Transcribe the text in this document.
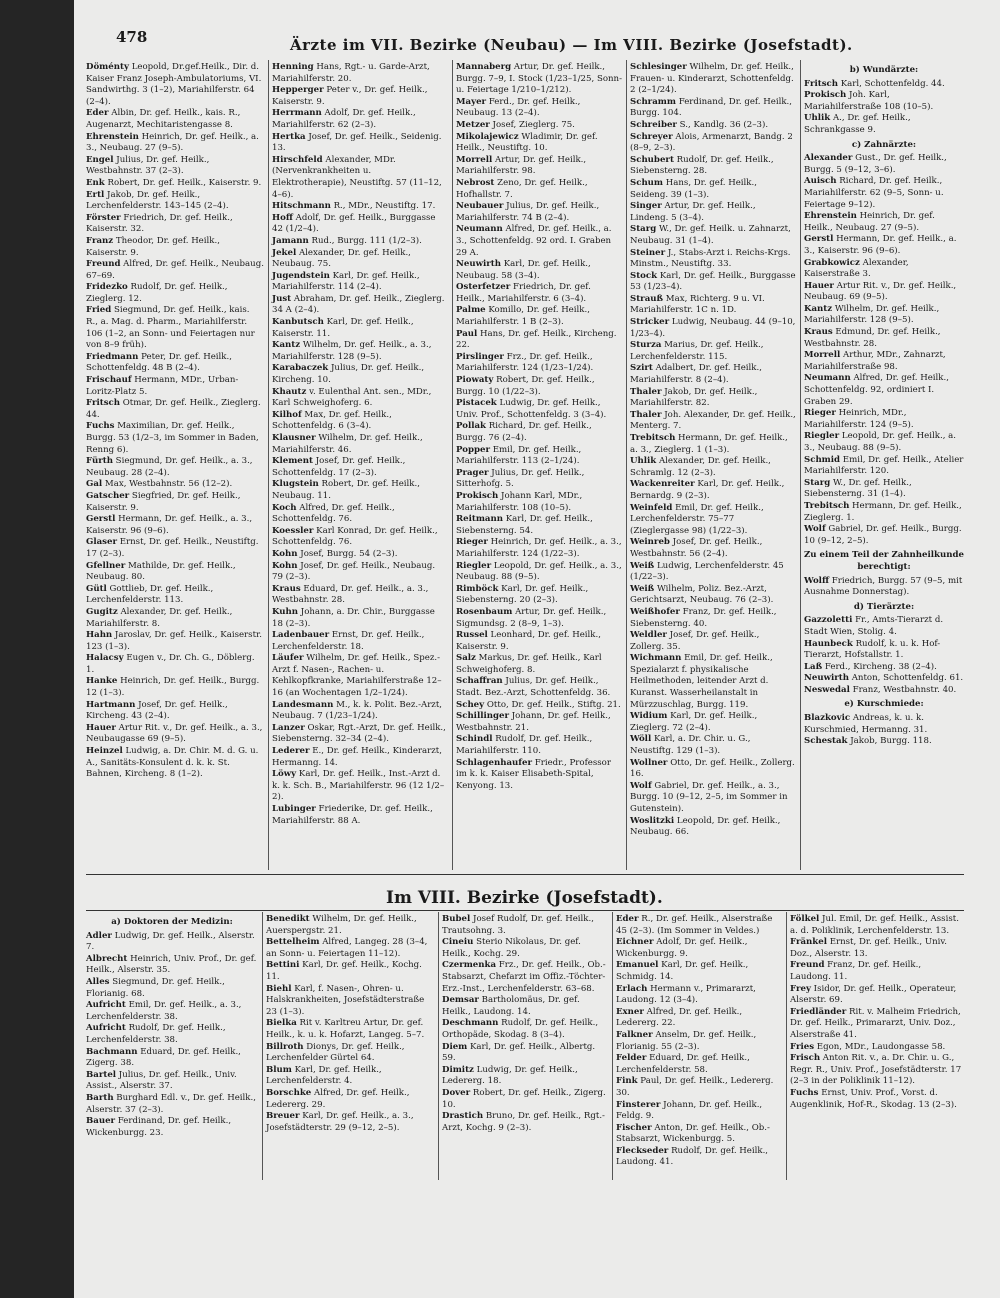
478	Ärzte im VII. Bezirke (Neubau) — Im VIII. Bezirke (Josefstadt).

Döménty Leopold, Dr.gef.Heilk., Dir. d. Kaiser Franz Joseph-Ambulatoriums, VI. Sandwirthg. 3 (1–2), Mariahilferstr. 64 (2–4).

Eder Albin, Dr. gef. Heilk., kais. R., Augenarzt, Mechitaristengasse 8.

Ehrenstein Heinrich, Dr. gef. Heilk., a. 3., Neubaug. 27 (9–5).

Engel Julius, Dr. gef. Heilk., Westbahnstr. 37 (2–3).

Enk Robert, Dr. gef. Heilk., Kaiserstr. 9.

Ertl Jakob, Dr. gef. Heilk., Lerchenfelderstr. 143–145 (2–4).

Förster Friedrich, Dr. gef. Heilk., Kaiserstr. 32.

Franz Theodor, Dr. gef. Heilk., Kaiserstr. 9.

Freund Alfred, Dr. gef. Heilk., Neubaug. 67–69.

Fridezko Rudolf, Dr. gef. Heilk., Zieglerg. 12.

Fried Siegmund, Dr. gef. Heilk., kais. R., a. Mag. d. Pharm., Mariahilferstr. 106 (1–2, an Sonn- und Feiertagen nur von 8–9 früh).

Friedmann Peter, Dr. gef. Heilk., Schottenfeldg. 48 B (2–4).

Frischauf Hermann, MDr., Urban-Loritz-Platz 5.

Fritsch Otmar, Dr. gef. Heilk., Zieglerg. 44.

Fuchs Maximilian, Dr. gef. Heilk., Burgg. 53 (1/2–3, im Sommer in Baden, Renng 6).

Fürth Siegmund, Dr. gef. Heilk., a. 3., Neubaug. 28 (2–4).

Gal Max, Westbahnstr. 56 (12–2).

Gatscher Siegfried, Dr. gef. Heilk., Kaiserstr. 9.

Gerstl Hermann, Dr. gef. Heilk., a. 3., Kaiserstr. 96 (9–6).

Glaser Ernst, Dr. gef. Heilk., Neustiftg. 17 (2–3).

Gfellner Mathilde, Dr. gef. Heilk., Neubaug. 80.

Gütl Gottlieb, Dr. gef. Heilk., Lerchenfelderstr. 113.

Gugitz Alexander, Dr. gef. Heilk., Mariahilferstr. 8.

Hahn Jaroslav, Dr. gef. Heilk., Kaiserstr. 123 (1–3).

Halacsy Eugen v., Dr. Ch. G., Döblerg. 1.

Hanke Heinrich, Dr. gef. Heilk., Burgg. 12 (1–3).

Hartmann Josef, Dr. gef. Heilk., Kircheng. 43 (2–4).

Hauer Artur Rit. v., Dr. gef. Heilk., a. 3., Neubaugasse 69 (9–5).

Heinzel Ludwig, a. Dr. Chir. M. d. G. u. A., Sanitäts-Konsulent d. k. k. St. Bahnen, Kircheng. 8 (1–2).

Henning Hans, Rgt.- u. Garde-Arzt, Mariahilferstr. 20.

Hepperger Peter v., Dr. gef. Heilk., Kaiserstr. 9.

Herrmann Adolf, Dr. gef. Heilk., Mariahilferstr. 62 (2–3).

Hertka Josef, Dr. gef. Heilk., Seidenig. 13.

Hirschfeld Alexander, MDr. (Nervenkrankheiten u. Elektrotherapie), Neustiftg. 57 (11–12, 4–6).

Hitschmann R., MDr., Neustiftg. 17.

Hoff Adolf, Dr. gef. Heilk., Burggasse 42 (1/2–4).

Jamann Rud., Burgg. 111 (1/2–3).

Jekel Alexander, Dr. gef. Heilk., Neubaug. 75.

Jugendstein Karl, Dr. gef. Heilk., Mariahilferstr. 114 (2–4).

Just Abraham, Dr. gef. Heilk., Zieglerg. 34 A (2–4).

Kanbutsch Karl, Dr. gef. Heilk., Kaiserstr. 11.

Kantz Wilhelm, Dr. gef. Heilk., a. 3., Mariahilferstr. 128 (9–5).

Karabaczek Julius, Dr. gef. Heilk., Kircheng. 10.

Khautz v. Eulenthal Ant. sen., MDr., Karl Schweighoferg. 6.

Kilhof Max, Dr. gef. Heilk., Schottenfeldg. 6 (3–4).

Klausner Wilhelm, Dr. gef. Heilk., Mariahilferstr. 46.

Klement Josef, Dr. gef. Heilk., Schottenfeldg. 17 (2–3).

Klugstein Robert, Dr. gef. Heilk., Neubaug. 11.

Koch Alfred, Dr. gef. Heilk., Schottenfeldg. 76.

Koessler Karl Konrad, Dr. gef. Heilk., Schottenfeldg. 76.

Kohn Josef, Burgg. 54 (2–3).

Kohn Josef, Dr. gef. Heilk., Neubaug. 79 (2–3).

Kraus Eduard, Dr. gef. Heilk., a. 3., Westbahnstr. 28.

Kuhn Johann, a. Dr. Chir., Burggasse 18 (2–3).

Ladenbauer Ernst, Dr. gef. Heilk., Lerchenfelderstr. 18.

Läufer Wilhelm, Dr. gef. Heilk., Spez.-Arzt f. Nasen-, Rachen- u. Kehlkopfkranke, Mariahilferstraße 12–16 (an Wochentagen 1/2–1/24).

Landesmann M., k. k. Polit. Bez.-Arzt, Neubaug. 7 (1/23–1/24).

Lanzer Oskar, Rgt.-Arzt, Dr. gef. Heilk., Siebensterng. 32–34 (2–4).

Lederer E., Dr. gef. Heilk., Kinderarzt, Hermanng. 14.

Löwy Karl, Dr. gef. Heilk., Inst.-Arzt d. k. k. Sch. B., Mariahilferstr. 96 (12 1/2–2).

Lubinger Friederike, Dr. gef. Heilk., Mariahilferstr. 88 A.

Mannaberg Artur, Dr. gef. Heilk., Burgg. 7–9, I. Stock (1/23–1/25, Sonn- u. Feiertage 1/210–1/212).

Mayer Ferd., Dr. gef. Heilk., Neubaug. 13 (2–4).

Metzer Josef, Zieglerg. 75.

Mikolajewicz Wladimir, Dr. gef. Heilk., Neustiftg. 10.

Morrell Artur, Dr. gef. Heilk., Mariahilferstr. 98.

Nebrost Zeno, Dr. gef. Heilk., Hofhallstr. 7.

Neubauer Julius, Dr. gef. Heilk., Mariahilferstr. 74 B (2–4).

Neumann Alfred, Dr. gef. Heilk., a. 3., Schottenfeldg. 92 ord. I. Graben 29 A.

Neuwirth Karl, Dr. gef. Heilk., Neubaug. 58 (3–4).

Osterfetzer Friedrich, Dr. gef. Heilk., Mariahilferstr. 6 (3–4).

Palme Komillo, Dr. gef. Heilk., Mariahilferstr. 1 B (2–3).

Paul Hans, Dr. gef. Heilk., Kircheng. 22.

Pirslinger Frz., Dr. gef. Heilk., Mariahilferstr. 124 (1/23–1/24).

Piowaty Robert, Dr. gef. Heilk., Burgg. 10 (1/22–3).

Pistacek Ludwig, Dr. gef. Heilk., Univ. Prof., Schottenfeldg. 3 (3–4).

Pollak Richard, Dr. gef. Heilk., Burgg. 76 (2–4).

Popper Emil, Dr. gef. Heilk., Mariahilferstr. 113 (2–1/24).

Prager Julius, Dr. gef. Heilk., Sitterhofg. 5.

Prokisch Johann Karl, MDr., Mariahilferstr. 108 (10–5).

Reitmann Karl, Dr. gef. Heilk., Siebensterng. 54.

Rieger Heinrich, Dr. gef. Heilk., a. 3., Mariahilferstr. 124 (1/22–3).

Riegler Leopold, Dr. gef. Heilk., a. 3., Neubaug. 88 (9–5).

Rimböck Karl, Dr. gef. Heilk., Siebensterng. 20 (2–3).

Rosenbaum Artur, Dr. gef. Heilk., Sigmundsg. 2 (8–9, 1–3).

Russel Leonhard, Dr. gef. Heilk., Kaiserstr. 9.

Salz Markus, Dr. gef. Heilk., Karl Schweighoferg. 8.

Schaffran Julius, Dr. gef. Heilk., Stadt. Bez.-Arzt, Schottenfeldg. 36.

Schey Otto, Dr. gef. Heilk., Stiftg. 21.

Schillinger Johann, Dr. gef. Heilk., Westbahnstr. 21.

Schindl Rudolf, Dr. gef. Heilk., Mariahilferstr. 110.

Schlagenhaufer Friedr., Professor im k. k. Kaiser Elisabeth-Spital, Kenyong. 13.

Schlesinger Wilhelm, Dr. gef. Heilk., Frauen- u. Kinderarzt, Schottenfeldg. 2 (2–1/24).

Schramm Ferdinand, Dr. gef. Heilk., Burgg. 104.

Schreiber S., Kandlg. 36 (2–3).

Schreyer Alois, Armenarzt, Bandg. 2 (8–9, 2–3).

Schubert Rudolf, Dr. gef. Heilk., Siebensterng. 28.

Schum Hans, Dr. gef. Heilk., Seideng. 39 (1–3).

Singer Artur, Dr. gef. Heilk., Lindeng. 5 (3–4).

Starg W., Dr. gef. Heilk. u. Zahnarzt, Neubaug. 31 (1–4).

Steiner J., Stabs-Arzt i. Reichs-Krgs. Minstm., Neustiftg. 33.

Stock Karl, Dr. gef. Heilk., Burggasse 53 (1/23–4).

Strauß Max, Richterg. 9 u. VI. Mariahilferstr. 1C n. 1D.

Stricker Ludwig, Neubaug. 44 (9–10, 1/23–4).

Sturza Marius, Dr. gef. Heilk., Lerchenfelderstr. 115.

Szirt Adalbert, Dr. gef. Heilk., Mariahilferstr. 8 (2–4).

Thaler Jakob, Dr. gef. Heilk., Mariahilferstr. 82.

Thaler Joh. Alexander, Dr. gef. Heilk., Menterg. 7.

Trebitsch Hermann, Dr. gef. Heilk., a. 3., Zieglerg. 1 (1–3).

Uhlik Alexander, Dr. gef. Heilk., Schramlg. 12 (2–3).

Wackenreiter Karl, Dr. gef. Heilk., Bernardg. 9 (2–3).

Weinfeld Emil, Dr. gef. Heilk., Lerchenfelderstr. 75–77 (Zieglergasse 98) (1/22–3).

Weinreb Josef, Dr. gef. Heilk., Westbahnstr. 56 (2–4).

Weiß Ludwig, Lerchenfelderstr. 45 (1/22–3).

Weiß Wilhelm, Poliz. Bez.-Arzt, Gerichtsarzt, Neubaug. 76 (2–3).

Weißhofer Franz, Dr. gef. Heilk., Siebensterng. 40.

Weldler Josef, Dr. gef. Heilk., Zollerg. 35.

Wichmann Emil, Dr. gef. Heilk., Spezialarzt f. physikalische Heilmethoden, leitender Arzt d. Kuranst. Wasserheilanstalt in Mürzzuschlag, Burgg. 119.

Widium Karl, Dr. gef. Heilk., Zieglerg. 72 (2–4).

Wöll Karl, a. Dr. Chir. u. G., Neustiftg. 129 (1–3).

Wollner Otto, Dr. gef. Heilk., Zollerg. 16.

Wolf Gabriel, Dr. gef. Heilk., a. 3., Burgg. 10 (9–12, 2–5, im Sommer in Gutenstein).

Woslitzki Leopold, Dr. gef. Heilk., Neubaug. 66.

b) Wundärzte:

Fritsch Karl, Schottenfeldg. 44.

Prokisch Joh. Karl, Mariahilferstraße 108 (10–5).

Uhlik A., Dr. gef. Heilk., Schrankgasse 9.

c) Zahnärzte:

Alexander Gust., Dr. gef. Heilk., Burgg. 5 (9–12, 3–6).

Auisch Richard, Dr. gef. Heilk., Mariahilferstr. 62 (9–5, Sonn- u. Feiertage 9–12).

Ehrenstein Heinrich, Dr. gef. Heilk., Neubaug. 27 (9–5).

Gerstl Hermann, Dr. gef. Heilk., a. 3., Kaiserstr. 96 (9–6).

Grabkowicz Alexander, Kaiserstraße 3.

Hauer Artur Rit. v., Dr. gef. Heilk., Neubaug. 69 (9–5).

Kantz Wilhelm, Dr. gef. Heilk., Mariahilferstr. 128 (9–5).

Kraus Edmund, Dr. gef. Heilk., Westbahnstr. 28.

Morrell Arthur, MDr., Zahnarzt, Mariahilferstraße 98.

Neumann Alfred, Dr. gef. Heilk., Schottenfeldg. 92, ordiniert I. Graben 29.

Rieger Heinrich, MDr., Mariahilferstr. 124 (9–5).

Riegler Leopold, Dr. gef. Heilk., a. 3., Neubaug. 88 (9–5).

Schmid Emil, Dr. gef. Heilk., Atelier Mariahilferstr. 120.

Starg W., Dr. gef. Heilk., Siebensterng. 31 (1–4).

Trebitsch Hermann, Dr. gef. Heilk., Zieglerg. 1.

Wolf Gabriel, Dr. gef. Heilk., Burgg. 10 (9–12, 2–5).

Zu einem Teil der Zahnheilkunde berechtigt:

Wolff Friedrich, Burgg. 57 (9–5, mit Ausnahme Donnerstag).

d) Tierärzte:

Gazzoletti Fr., Amts-Tierarzt d. Stadt Wien, Stolig. 4.

Haunbeck Rudolf, k. u. k. Hof-Tierarzt, Hofstallstr. 1.

Laß Ferd., Kircheng. 38 (2–4).

Neuwirth Anton, Schottenfeldg. 61.

Neswedal Franz, Westbahnstr. 40.

e) Kurschmiede:

Blazkovic Andreas, k. u. k. Kurschmied, Hermanng. 31.

Schestak Jakob, Burgg. 118.

Im VIII. Bezirke (Josefstadt).

a) Doktoren der Medizin:

Adler Ludwig, Dr. gef. Heilk., Alserstr. 7.

Albrecht Heinrich, Univ. Prof., Dr. gef. Heilk., Alserstr. 35.

Alles Siegmund, Dr. gef. Heilk., Florianig. 68.

Aufricht Emil, Dr. gef. Heilk., a. 3., Lerchenfelderstr. 38.

Aufricht Rudolf, Dr. gef. Heilk., Lerchenfelderstr. 38.

Bachmann Eduard, Dr. gef. Heilk., Zigerg. 38.

Bartel Julius, Dr. gef. Heilk., Univ. Assist., Alserstr. 37.

Barth Burghard Edl. v., Dr. gef. Heilk., Alserstr. 37 (2–3).

Bauer Ferdinand, Dr. gef. Heilk., Wickenburgg. 23.

Benedikt Wilhelm, Dr. gef. Heilk., Auerspergstr. 21.

Bettelheim Alfred, Langeg. 28 (3–4, an Sonn- u. Feiertagen 11–12).

Bettini Karl, Dr. gef. Heilk., Kochg. 11.

Biehl Karl, f. Nasen-, Ohren- u. Halskrankheiten, Josefstädterstraße 23 (1–3).

Bielka Rit v. Karltreu Artur, Dr. gef. Heilk., k. u. k. Hofarzt, Langeg. 5–7.

Billroth Dionys, Dr. gef. Heilk., Lerchenfelder Gürtel 64.

Blum Karl, Dr. gef. Heilk., Lerchenfelderstr. 4.

Borschke Alfred, Dr. gef. Heilk., Ledererg. 29.

Breuer Karl, Dr. gef. Heilk., a. 3., Josefstädterstr. 29 (9–12, 2–5).

Bubel Josef Rudolf, Dr. gef. Heilk., Trautsohng. 3.

Cineiu Sterio Nikolaus, Dr. gef. Heilk., Kochg. 29.

Czermenka Frz., Dr. gef. Heilk., Ob.-Stabsarzt, Chefarzt im Offiz.-Töchter-Erz.-Inst., Lerchenfelderstr. 63–68.

Demsar Bartholomäus, Dr. gef. Heilk., Laudong. 14.

Deschmann Rudolf, Dr. gef. Heilk., Orthopäde, Skodag. 8 (3–4).

Diem Karl, Dr. gef. Heilk., Albertg. 59.

Dimitz Ludwig, Dr. gef. Heilk., Ledererg. 18.

Dover Robert, Dr. gef. Heilk., Zigerg. 10.

Drastich Bruno, Dr. gef. Heilk., Rgt.-Arzt, Kochg. 9 (2–3).

Eder R., Dr. gef. Heilk., Alserstraße 45 (2–3). (Im Sommer in Veldes.)

Eichner Adolf, Dr. gef. Heilk., Wickenburgg. 9.

Emanuel Karl, Dr. gef. Heilk., Schmidg. 14.

Erlach Hermann v., Primararzt, Laudong. 12 (3–4).

Exner Alfred, Dr. gef. Heilk., Ledererg. 22.

Falkner Anselm, Dr. gef. Heilk., Florianig. 55 (2–3).

Felder Eduard, Dr. gef. Heilk., Lerchenfelderstr. 58.

Fink Paul, Dr. gef. Heilk., Ledererg. 30.

Finsterer Johann, Dr. gef. Heilk., Feldg. 9.

Fischer Anton, Dr. gef. Heilk., Ob.-Stabsarzt, Wickenburgg. 5.

Fleckseder Rudolf, Dr. gef. Heilk., Laudong. 41.

Fölkel Jul. Emil, Dr. gef. Heilk., Assist. a. d. Poliklinik, Lerchenfelderstr. 13.

Fränkel Ernst, Dr. gef. Heilk., Univ. Doz., Alserstr. 13.

Freund Franz, Dr. gef. Heilk., Laudong. 11.

Frey Isidor, Dr. gef. Heilk., Operateur, Alserstr. 69.

Friedländer Rit. v. Malheim Friedrich, Dr. gef. Heilk., Primararzt, Univ. Doz., Alserstraße 41.

Fries Egon, MDr., Laudongasse 58.

Frisch Anton Rit. v., a. Dr. Chir. u. G., Regr. R., Univ. Prof., Josefstädterstr. 17 (2–3 in der Poliklinik 11–12).

Fuchs Ernst, Univ. Prof., Vorst. d. Augenklinik, Hof-R., Skodag. 13 (2–3).
